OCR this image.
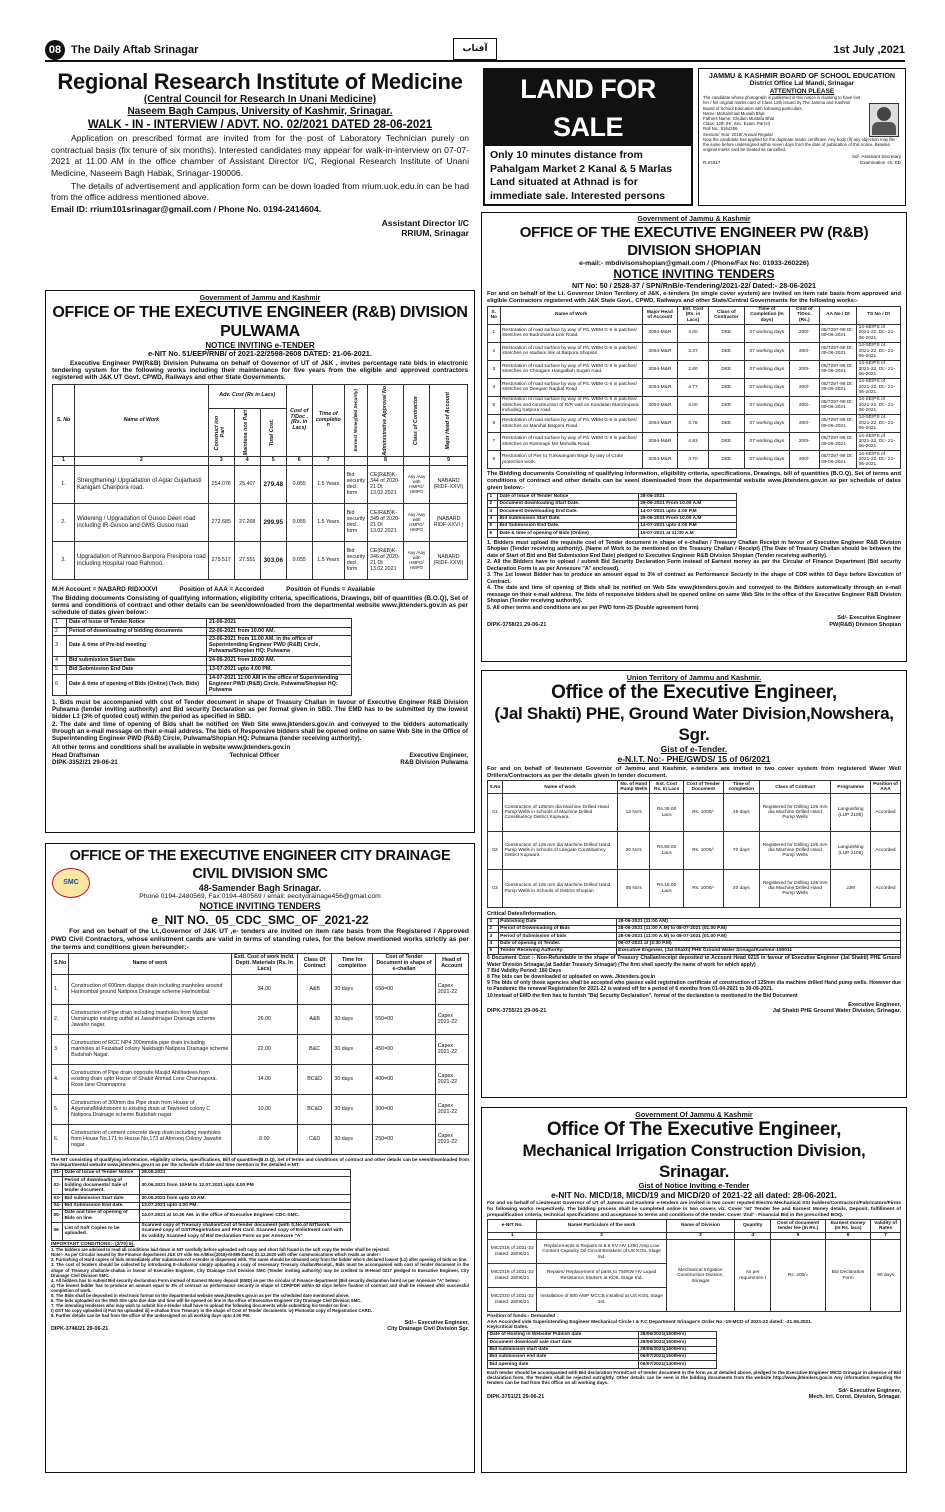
08 The Daily Aftab Srinagar	آفتاب	1st July ,2021
Regional Research Institute of Medicine
(Central Council for Research In Unani Medicine)
Naseem Bagh Campus, University of Kashmir, Srinagar.
WALK - IN - INTERVIEW / ADVT. NO. 02/2021 DATED 28-06-2021

Application on prescribed format are invited from for the post of Laboratory Technician purely on contractual basis (fix tenure of six months). Interested candidates may appear for walk-in-interview on 07-07-2021 at 11.00 AM in the office chamber of Assistant Director I/C, Regional Research Institute of Unani Medicine, Naseem Bagh Habak, Srinagar-190006.

The details of advertisement and application form can be down loaded from rrium.uok.edu.in can be had from the office address mentioned above.

Email ID: rrium101srinagar@gmail.com / Phone No. 0194-2414604.

Assistant Director I/C
RRIUM, Srinagar
LAND FOR SALE
Only 10 minutes distance from Pahalgam Market 2 Kanal & 5 Marlas Land situated at Athnad is for immediate sale. Interested persons
JAMMU & KASHMIR BOARD OF SCHOOL EDUCATION
District Office Lal Mandi, Srinagar
ATTENTION PLEASE
The candidate whose photograph is published in this notice is claiming to have lost her / his original marks card of Class 12th issued by The Jammu and Kashmir Board of School Education with following particulars.
Name: Mohammad Musaib Bhat
Fathers Name: Ghulam Mustafa Bhat
Class: 12th (Hr. Sec. Exam. Part-II)
Roll No.: 8164256
Session/ Year: 2018/ Annual Regular
Now the candidate has applied for the duplicate marks certificate. Any body (if) any objection may file the same before undersigned within seven days from the date of publication of this notice. Besides original marks card be treated as cancelled.
Sd/- Assistant Secretary
R.23317	Examination -III, KD
Government of Jammu and Kashmir
OFFICE OF THE EXECUTIVE ENGINEER (R&B) DIVISION PULWAMA
NOTICE INVITING e-TENDER
e-NIT No. 51/EEP/RNB/ of 2021-22/2598-2608 DATED: 21-06-2021.

Executive Engineer PW(R&B) Division Pulwama on behalf of Governor of UT of J&K , invites percentage rate bids in electronic tendering system for the following works including their maintenance for five years from the eligible and approved contractors registered with J&K UT Govt. CPWD, Railways and other State Governments.

S. No	Name of Work	Adv. Cost (Rs in Lacs)			Cost of T/Doc . (Rs. in Lacs)	Time of completio n	Earnest Money(Bid Security)	Administrative Approval No	Class of Contractor	Major Head of Account

		Construct ion Part	Maintena nce Part	Total Cost.						

1	2	3	4	5	6	7		8		9
1.	Strengthening/ Upgradation of Aglar Gujarbasti Kanigam Charipora road.	254.076	25.407	279.48	0.055	1.5 Years	Bid security decl. form	CE(R&B)K-344 of 2020-21 Dt 13.02.2021	Aay /Aay with HMPO/ HMPO	NABARD (RIDF-XXVI)
2.	Widening / Upgradation of Gusoo Deeri road including IR-Gusoo and GMS Gusoo road	272.685	27.268	299.95	0.055	1.5 Years	Bid security decl. form	CE(R&B)K-349 of 2020-21 Dt 13.02.2021	Aay /Aay with HMPO/ HMPO	(NABARD RIDF-XXVI )
3.	Upgradation of Rahmoo Banpora Fresipora road including Hospital road Rahmoo.	275.517	27.551	303.06	0.055	1.5 Years	Bid security decl. form	CE(R&B)K-346 of 2020-21 Dt 13.02.2021	Aay /Aay with HMPO/ HMPO	NABARD (RIDF-XXVI)
M.H Account = NABARD RIDXXXVI	Position of AAA = Accorded	Position of Funds = Available

The Bidding documents Consisting of qualifying information, eligibility criteria, specifications, Drawings, bill of quantities (B.O.Q), Set of terms and conditions of contract and other details can be seen/downloaded from the departmental website www.jktenders.gov.in as per schedule of dates given below:-

1	Date of Issue of Tender Notice	21-06-2021
2	Period of downloading of bidding documents	22-06-2021 from 10.00 AM.
3	Date & time of Pre-bid meeting	23-06-2021 from 11.00 AM. in the office of Superintending Engineer PWD (R&B) Circle, Pulwama/Shopian HQ: Pulwama
4	Bid submission Start Date	24-06-2021 from 10.00 AM.
5	Bid Submission End Date	13-07-2021 upto 4.00 PM.
6	Date & time of opening of Bids (Online) (Tech. Bids)	14-07-2021 11:00 AM in the office of Superintending Engineer PWD (R&B) Circle, Pulwama/Shopian HQ: Pulwama

1. Bids must be accompanied with cost of Tender document in shape of Treasury Challan in favour of Executive Engineer R&B Division Pulwama (tender inviting authority) and Bid security Declaration as per format given in SBD. The EMD has to be submitted by the lowest bidder L1 (3% of quoted cost) within the period as specified in SBD.

2. The date and time of opening of Bids shall be notified on Web Site www.jktenders.gov.in and conveyed to the bidders automatically through an e-mail message on their e-mail address. The bids of Responsive bidders shall be opened online on same Web Site in the Office of Superintending Engineer PWD (R&B) Circle, Pulwama/Shopian HQ: Pulwama (tender receiving authority).

All other terms and conditions shall be available in website www.jktenders.gov.in

Head Draftsman	Technical Officer	Executive Engineer,
DIPK-3352/21 29-06-21	R&B Division Pulwama
Government of Jammu & Kashmir
OFFICE OF THE EXECUTIVE ENGINEER PW (R&B) DIVISION SHOPIAN
e-mail:- mbdivisonshopian@gmail.com / (Phone/Fax No: 01933-260226)
NOTICE INVITING TENDERS
NIT No: 50 / 2528-37 / SPN/RnB/e-Tendering/2021-22/ Dated:- 28-06-2021

For and on behalf of the Lt. Governor Union Territory of J&K, e-tenders (in single cover system) are invited on item rate basis from approved and eligible Contractors registered with J&K State Govt., CPWD, Railways and other State/Central Governments for the following works:-

S. No	Name of Work	Major Head of Account	Est. Cost (Rs. in Lacs)	Class of Contractor	Time of Completion (In days)	Cost of T/Doc. (Rs.)	AA No / Dt	TS No / Dt
1	Restoration of road surface by way of P/L WBM G-II in patches/ stretches on Badrohama Link Road.	3054-M&R	4.00	DEE	07 working days	200/-	05/7297-98 Dt: 09-06-2021	14-SE/PS of 2021-22, Dt:- 21-06-2021.
2	Restoration of road surface by way of P/L WBM G-II in patches/ stretches on stadium link at Batpora Shopian.	3054-M&R	3.37	DEE	07 working days	200/-	05/7297-98 Dt: 09-06-2021	14-SE/PS of 2021-22, Dt:- 21-06-2021.
3	Restoration of road surface by way of P/L WBM G-II in patches/ stretches on Chiragam Hangalbuh Sugan road.	3054-M&R	2.60	DEE	07 working days	200/-	05/7297-98 Dt: 09-06-2021	14-SE/PS of 2021-22, Dt:- 21-06-2021.
4	Restoration of road surface by way of P/L WBM G-II in patches/ stretches on Deegam Nagbal Road	3054-M&R	4.77	DEE	07 working days	200/-	05/7297-98 Dt: 09-06-2021	14-SE/PS of 2021-22, Dt:- 21-06-2021.
5	Restoration of road surface by way of P/L WBM G-II in patches/ stretches and construction of R/R wall on Kundalan Manzimpora including Katpora road.	3054-M&R	4.00	DEE	07 working days	200/-	05/7297-98 Dt: 09-06-2021	14-SE/PS of 2021-22, Dt:- 21-06-2021.
6	Restoration of road surface by way of P/L WBM G-II in patches/ stretches on Manihal Batpora Road.	3054-M&R	4.76	DEE	07 working days	200/-	05/7297-98 Dt: 09-06-2021	14-SE/PS of 2021-22, Dt:- 21-06-2021.
7	Restoration of road surface by way of P/L WBM G-II in patches/ stretches on Ramnagri Mir Mohalla Road.	3054-M&R	4.83	DEE	07 working days	200/-	05/7297-98 Dt: 09-06-2021	14-SE/PS of 2021-22, Dt:- 21-06-2021.
8	Restoration of Pier to Turkwangam Brige by way of Crate protection work.	3054-M&R	3.70	DEE	07 working days	200/-	05/7297-98 Dt: 09-06-2021	14-SE/PS of 2021-22, Dt:- 21-06-2021.

The Bidding documents Consisting of qualifying information, eligibility criteria, specifications, Drawings, bill of quantities (B.O.Q), Set of terms and conditions of contract and other details can be seen/ downloaded from the departmental website www.jktenders.gov.in as per schedule of dates given below:-

1	Date of Issue of Tender Notice	28-06-2021
2	Document downloading Start Date.	29-06-2021 From 10.00 A.M
3	Document Downloading End Date.	14-07-2021 upto 4:00 P.M
4	Bid submission Start Date.	29-06-2021 From 10.00 A.M
5	Bid Submission End Date.	14-07-2021 upto 4:00 P.M
6	Date & time of opening of Bids (Online)	15-07-2021 at 11:00 A.M
1. Bidders must upload the requisite cost of Tender document in shape of e-challan / Treasury Challan Receipt in favour of Executive Engineer R&B Division Shopian (Tender receiving authority). (Name of Work to be mentioned on the Treasury Challan / Receipt) (The Date of Treasury Challan should be between the date of Start of Bid and Bid Submission End Date) pledged to Executive Engineer R&B Division Shopian (Tender receiving authority).
2. All the Bidders have to upload / submit Bid Security Declaration Form instead of Earnest money as per the Circular of Finance Department (Bid security Declaration Form is as per Annexure "A" enclosed).
3. The 1st lowest Bidder has to produce an amount equal to 3% of contract as Performance Security in the shape of CDR within 03 Days before Execution of Contract.
4. The date and time of opening of Bids shall be notified on Web Site www.jktenders.gov.in and conveyed to the Bidders automatically through an e-mail message on their e-mail address. The bids of responsive bidders shall be opened online on same Web Site in the office of the Executive Engineer R&B Division Shopian (Tender receiving authority).
5. All other terms and conditions are as per PWD form-25 (Double agreement form)
Sd/- Executive Engineer
DIPK-3758/21 29-06-21	PW(R&B) Division Shopian
Union Territory of Jammu and Kashmir.
Office of the Executive Engineer,
(Jal Shakti) PHE, Ground Water Division,Nowshera, Sgr.
Gist of e-Tender.
e-N.I.T. No:- PHE/GWDS/ 15 of 06/2021

For and on behalf of lieutenant Governor of Jammu and Kashmir, e-tenders are invited in two cover system from registered Water Well Drillers/Contractors as per the details given in tender document.

S.No	Name of work	No. of Hand Pump Wells	Est. Cost Rs. In Lacs	Cost of Tender Document	Time of completion	Class of Contract	Programme	Position of AAA
01	Construction of 125mm dia Machine Drilled Hand Pump Wells in schools of Machine Drilled Constituency District Kupwara.	13 No's	Rs.39.00 Lacs	Rs. 1000/-	45 days	Registered for Drilling 125 mm dia Machine Drilled Hand Pump Wells	Languishing (LUP 2108)	Accorded
02	Construction of 125 mm dia Machine Drilled Hand Pump Wells in schools of Langate Constituency District Kupwara	20 No's	Rs.60.00 Lacs	Rs. 1000/-	70 days	Registered for Drilling 125 mm dia Machine Drilled Hand Pump Wells	Languishing (LUP 2108)	Accorded
03	Construction of 125 mm dia Machine Drilled Hand Pump Wells in Schools of District Shopian	05 No's	Rs.15.00 Lacs	Rs. 1000/-	20 days	Registered for Drilling 125 mm dia Machine Drilled Hand Pump Wells	JJM	Accorded
Critical Dates/Information.
1	Publishing Date	28-06-2021 (11:00 AM)
2	Period of Downloading of Bids	28-06-2021 (11:00 A.M) to 08-07-2021 (01.00 P.M)
3	Period of Submission of bids	28-06-2021 (11:00 A.M) to 08-07-2021 (01.00 P.M)
4	Date of opening of Tender.	09-07-2021 at (2:30 P.M)
5	Tender Receiving Authority:	Executive Engineer, (Jal Shakti) PHE Ground Water SrinagarKashmir-190011
6 Document Cost :- Non-Refundable in the shape of Treasury Challan/receipt deposited to Account Head 0215 in favour of Executive Engineer (Jal Shakti) PHE Ground Water Division Srinagar,(at Saddar Treasury Srinagar) (The firm shall specify the name of work for which apply)
7 Bid Validity Period: 180 Days
8 The bids can be downloaded or uploaded on www. Jktenders.gov.in
9 The bids of only those agencies shall be accepted who passes valid registration certificate of construction of 125mm dia machine drilled Hand pump wells. However due to Pandemic the renewal Registration for 2021-22 is waived off for a period of 6 months from 01-04-2021 to 30-09-2021.
10 Instead of EMD the firm has to furnish "Bid Security Declaration", format of the declaration is mentioned in the Bid Document
Executive Engineer,
DIPK-3755/21 29-06-21	Jal Shakti PHE Ground Water Division, Srinagar.
OFFICE OF THE EXECUTIVE ENGINEER CITY DRAINAGE CIVIL DIVISION SMC
SMC
48-Samender Bagh Srinagar.
Phone 0194-2480569, Fax:0194-480569 / email: eecitydrainage456@gmail.com
NOTICE INVITING TENDERS
e_NIT NO._05_CDC_SMC_OF_2021-22

For and on behalf of the Lt.,Governor of J&K UT ,e- tenders are invited on item rate basis from the Registered / Approved PWD Civil Contractors, whose enlistment cards are valid in terms of standing rules, for the below mentioned works strictly as per the terms and conditions given hereunder:-

S.No	Name of work	Estt. Cost of work incld. Deptt. Materials (Rs. In Lacs)	Class Of Contract	Time for completion	Cost of Tender Document in shape of e-challan	Head of Account
1.	Construction of 600mm diapipe drain including manholes around Harinumbal ground Natipora Drainage scheme Harinumbal.	34.00	A&B	30 days	650=00	Capex 2021-22
2.	Construction of Pipe drain including manholes from Masjid Usmanupto existing outfall at Jawahirnagar Drainage scheme Jawahir nagar.	26.00	A&B	30 days	550=00	Capex 2021-22
3.	Construction of RCC NP4 300mmdia pipe drain including manholes at Faizabad colony Naikbagh Natipora Drainage scheme Budshah Nagar.	22.00	B&C	30 days	450=00	Capex 2021-22
4.	Construction of Pipe drain opposite Masjid Ahlihadees from existing drain upto House of Shabir Ahmad Lone Channapora. Rose lane Channapora	14.00	BC&D	30 days	400=00	Capex 2021-22
5.	Construction of 300mm dia Pipe drain from House of ArjumandMakhdoomi to existing drain at Tawheed colony C Natipora.Drainage scheme Budshah nagar	10.00	BC&D	30 days	300=00	Capex 2021-22
6.	Construction of cement concrete deep drain including manholes from House No.171 to House No.173 at Aforooq Colony Jawahir nagar.	8.00	C&D	30 days	250=00	Capex 2021-22

The NIT consisting of qualifying information, eligibility criteria, specifications, Bill of quantities(B.O.Q), Set of terms and conditions of contract and other details can be seen/downloaded from the departmental website www.jktenders.gov.in as per the schedule of date and time mention in the detailed e-NIT.

01-	Date of Issue of Tender Notice	28.06.2021
02-	Period of downloading of bidding documents/ Sale of tender document.	30.06.2021 from 10AM to 12.07.2021 upto 4.00 PM
03-	Bid submission Start date	30.06.2021 from upto 10 AM.
04-	Bid Submission End date.	13.07.2021 upto 4.00 PM.
05-	Date and time of opening of Bids on line.	14.07.2021 at 10.30 AM. in the office of Executive Engineer CDC-SMC.
06	List of Soft Copies to be uploaded.	Scanned copy of Treasury challan/Cost of tender document (with S.No.of NIT/work. Scanned copy of GST/Registration and PAN Card. Scanned copy of Enlistment card with its validity Scanned copy of Bid Declaration Form as per Annexure "A"
IMPORTANT CONDITIONS:- (2/70) 6).
1. The bidders are advised to read all conditions laid down in NIT carefully before uploaded soft copy and short full found in the soft copy the tender shall be rejected.
Note:- As per Circular issued by the Finance department J&K UT vide No.A/Misc(2018)-III-895 Dated 22.12.2020 with other communications which reads as under:-
2. Furnishing of Hard copies of bids immediately after submission of e-tender is dispensed with. The same should be obtained only from the bidder who's declared lowest (L1) after opening of bids on line.
3. The cost of tenders should be collected by introducing E-challan/or simply uploading a copy of necessary Treasury challan/Receipt., Bids must be accompanied with cost of tender document in the shape of Treasury challan/e-challan in favour of Executive Engineer, City Drainage Civil Division SMC (Tender inviting authority) may be credited to M-Head 0217 pledged to Executive Engineer, City Drainage Civil Division SMC.
4. All bidders has to submit Bid security declaration Form instead of Earnest Money deposit (EMD) as per the circular of Finance department (Bid security declaration form) as per Annexure "A" below:-
a) The lowest bidder has to produce an amount equal to 3% of contract as performance security in shape of CDR/FDR within 02 days before fixation of contract and shall be released after successful completion of work.
5. The Bids shall be deposited in electronic format on the departmental website www.jktenders.gov.in as per the scheduled date mentioned above.
6. The bids uploaded on the Web Site upto due date and time will be opened on line in the office of Executive Engineer City Drainage Civil Division SMC.
7. The intending tenderers who may wish to submit his e-tender shall have to upload the following documents while submitting his tender on line:-
I) GST No copy uploaded ii) Pan No uploaded iii) e-challan from Treasury in the shape of Cost of Tender documents. iv) Photostat copy of Registration CARD.
8. Further details can be had from the office of the undersigned on all working days upto 4.00 PM.
Sd/-- Executive Engineer,
DIPK-3746/21 29-06-21	City Drainage Civil Division Sgr.
Government Of Jammu & Kashmir
Office Of The Executive Engineer,
Mechanical Irrigation Construction Division, Srinagar.
Gist of Notice Inviting e-Tender
e-NIT No. MICD/18, MICD/19 and MICD/20 of 2021-22 all dated: 28-06-2021.

For and on behalf of Lieutenant Governor of UT of Jammu and Kashmir e-tenders are invited in two cover reputed Electro Mechanical SSI holders/Contractors/Fabricators/Firms for following works respectively. The bidding process shall be completed online in two covers viz. Cover 'Ist' Tender fee and Earnest Money details, Deposit, fulfillment of prequalification criteria, technical specifications and acceptance to terms and conditions of the tender. Cover 'Znd' - Financial Bid in the prescribed BOQ.

e-NIT No.	Name/ Particulars of the work	Name of Division	Quantity	Cost of document/ tender fee (In Rs.)	Earnest money (In Rs. lacs)	Validity of Rates
1	2	3	4	5	6	7
MICD/18 of 2021-22 Dated: 28/06/21	Replacements & Repairs to 6.6 KV HV 1250 Amp Low Content Capacity Oil Circuit Breakers of US KOIL Stage Ind.	Mechanical Irrigation Construction Division, Srinagar	As per requiremen t	Rs. 200/=	Bid Declaration Form	90 days
MICD/19 of 2021-22 Dated: 28/06/21	Repairs/ Replacement of parts to 750KW HV Liquid Resistance Starters at KOIL Stage Ind.					
MICD/20 of 2021-22 Dated: 28/06/21	Installation of 800 AMP MCCB installed at US KOIL Stage 1st.					
Position of funds:- Demanded
AAA Accorded vide Superintending Engineer Mechanical Circle I & F.C Department Srinagar's Order No:-19-MCD of 2021-22 dated: -21.06.2021.
Key/critical Dates.
Date of Hosting in Website/ Publish date	28/06/2021(1600Hrs)
Document download/ sale start date	28/06/2021(1600Hrs)
Bid submission start date	28/06/2021(1600Hrs)
Bid submission end date	06/07/2021(1600Hrs)
Bid opening date	06/07/2021(1400Hrs)

Each tender should be accompanied with Bid declaration Form/Cost of tender document in the form as at detailed above, pledged to the Executive Engineer MICD Srinagar in absence of Bid declaration form, the Tenders shall be rejected outrightly. Other details can be seen in the bidding documents from the website http://www.jktenders.gov.in Any information regarding the tenders can be had from this office on all working days.

Sd/- Executive Engineer,
DIPK-3751/21 29-06-21	Mech. Irri. Const. Division, Srinagar.
